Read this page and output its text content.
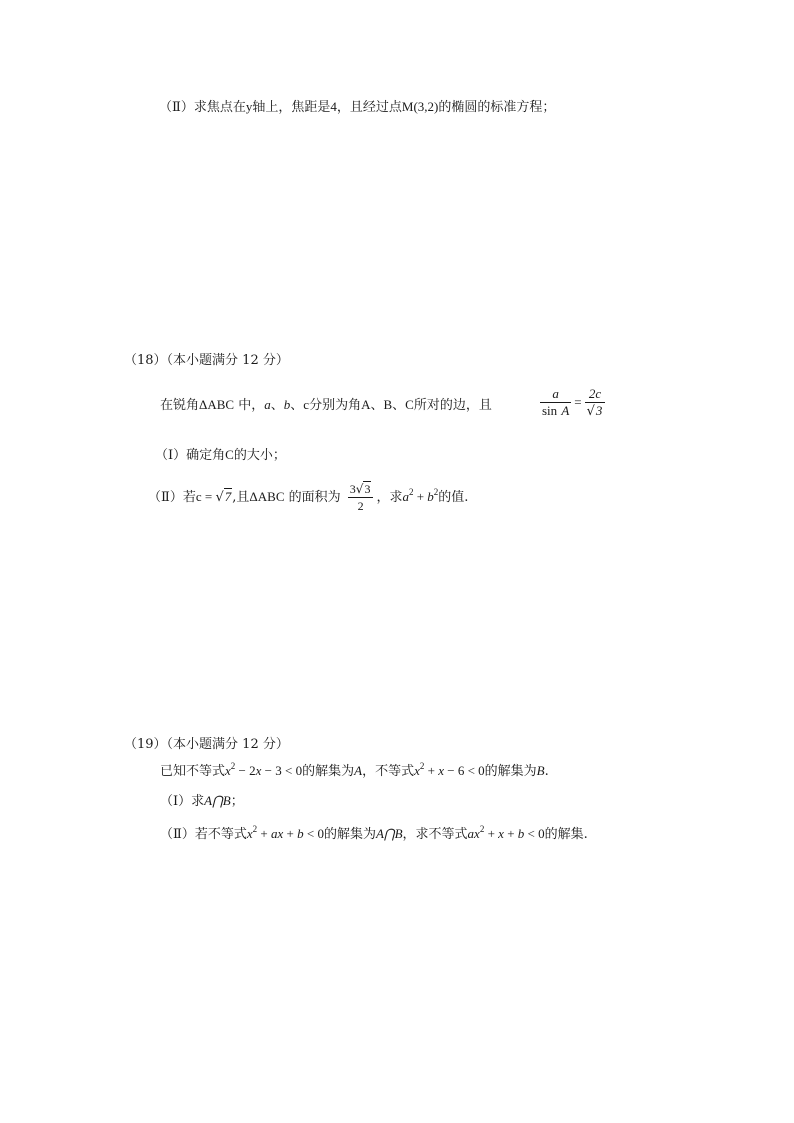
（Ⅱ）求焦点在y轴上，焦距是4，且经过点M(3,2)的椭圆的标准方程；
（18）（本小题满分 12 分）
在锐角ΔABC 中，a、b、c分别为角A、B、C所对的边，且	$\frac{a}{\text{sin A}} = \frac{2c}{√3}$
（Ⅰ）确定角C的大小；
（Ⅱ）若c = √7,且ΔABC 的面积为 $\frac{3√3}{2}$ ，求$a^2 + b^2$的值.
（19）（本小题满分 12 分）
已知不等式$x^2 - 2x - 3 < 0$的解集为A，不等式$x^2 + x - 6 < 0$的解集为B.
（Ⅰ）求A⋂B；
（Ⅱ）若不等式$x^2$ + ax + b < 0的解集为A⋂B，求不等式$ax^2 + x + b < 0$的解集.
